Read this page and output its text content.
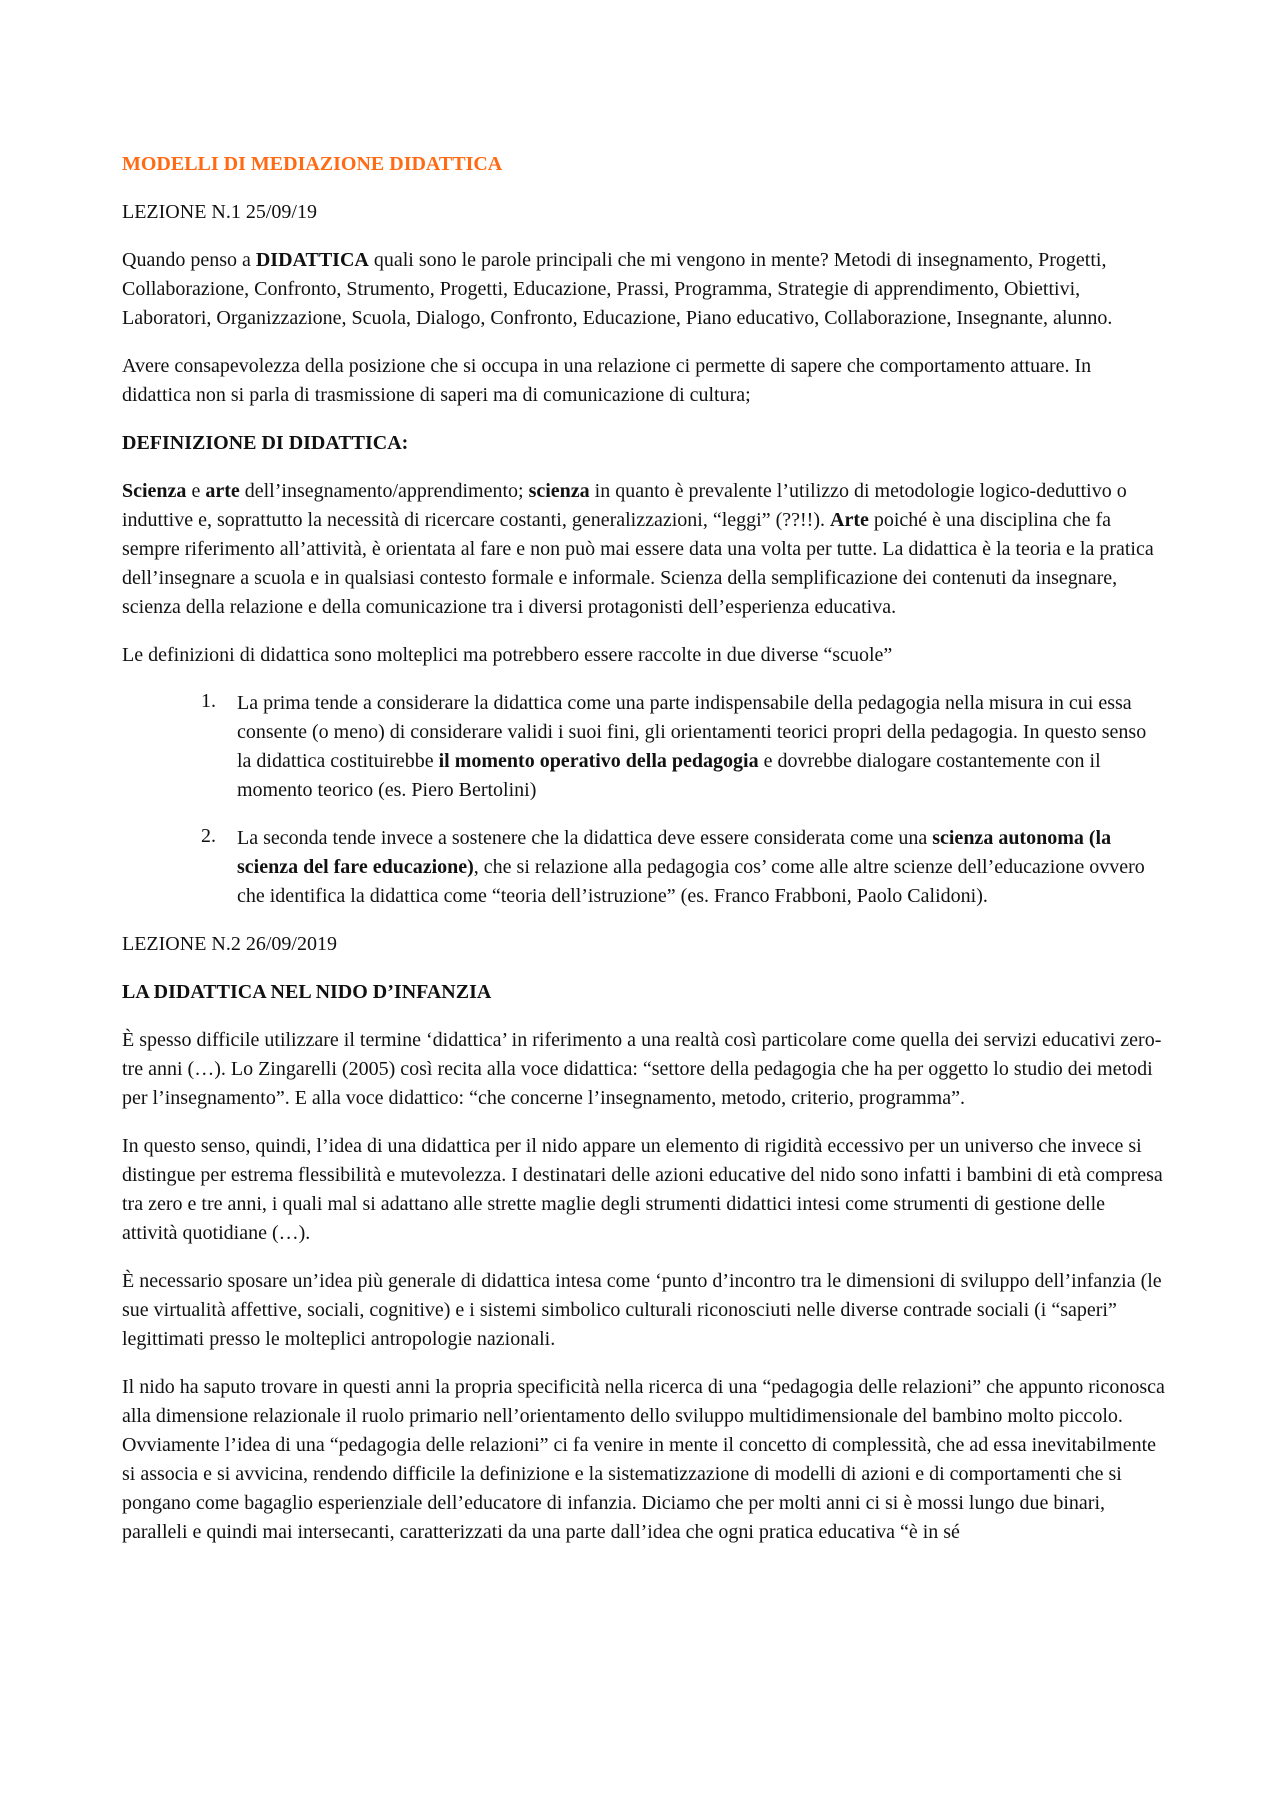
MODELLI DI MEDIAZIONE DIDATTICA

LEZIONE N.1 25/09/19

Quando penso a DIDATTICA quali sono le parole principali che mi vengono in mente? Metodi di insegnamento, Progetti, Collaborazione, Confronto, Strumento, Progetti, Educazione, Prassi, Programma, Strategie di apprendimento, Obiettivi, Laboratori, Organizzazione, Scuola, Dialogo, Confronto, Educazione, Piano educativo, Collaborazione, Insegnante, alunno.

Avere consapevolezza della posizione che si occupa in una relazione ci permette di sapere che comportamento attuare. In didattica non si parla di trasmissione di saperi ma di comunicazione di cultura;

DEFINIZIONE DI DIDATTICA:

Scienza e arte dell’insegnamento/apprendimento; scienza in quanto è prevalente l’utilizzo di metodologie logico-deduttivo o induttive e, soprattutto la necessità di ricercare costanti, generalizzazioni, “leggi” (??!!). Arte poiché è una disciplina che fa sempre riferimento all’attività, è orientata al fare e non può mai essere data una volta per tutte. La didattica è la teoria e la pratica dell’insegnare a scuola e in qualsiasi contesto formale e informale. Scienza della semplificazione dei contenuti da insegnare, scienza della relazione e della comunicazione tra i diversi protagonisti dell’esperienza educativa.

Le definizioni di didattica sono molteplici ma potrebbero essere raccolte in due diverse “scuole”

1. La prima tende a considerare la didattica come una parte indispensabile della pedagogia nella misura in cui essa consente (o meno) di considerare validi i suoi fini, gli orientamenti teorici propri della pedagogia. In questo senso la didattica costituirebbe il momento operativo della pedagogia e dovrebbe dialogare costantemente con il momento teorico (es. Piero Bertolini)
2. La seconda tende invece a sostenere che la didattica deve essere considerata come una scienza autonoma (la scienza del fare educazione), che si relazione alla pedagogia cos’ come alle altre scienze dell’educazione ovvero che identifica la didattica come “teoria dell’istruzione” (es. Franco Frabboni, Paolo Calidoni).

LEZIONE N.2 26/09/2019

LA DIDATTICA NEL NIDO D’INFANZIA

È spesso difficile utilizzare il termine ‘didattica’ in riferimento a una realtà così particolare come quella dei servizi educativi zero-tre anni (…). Lo Zingarelli (2005) così recita alla voce didattica: “settore della pedagogia che ha per oggetto lo studio dei metodi per l’insegnamento”. E alla voce didattico: “che concerne l’insegnamento, metodo, criterio, programma”.

In questo senso, quindi, l’idea di una didattica per il nido appare un elemento di rigidità eccessivo per un universo che invece si distingue per estrema flessibilità e mutevolezza. I destinatari delle azioni educative del nido sono infatti i bambini di età compresa tra zero e tre anni, i quali mal si adattano alle strette maglie degli strumenti didattici intesi come strumenti di gestione delle attività quotidiane (…).

È necessario sposare un’idea più generale di didattica intesa come ‘punto d’incontro tra le dimensioni di sviluppo dell’infanzia (le sue virtualità affettive, sociali, cognitive) e i sistemi simbolico culturali riconosciuti nelle diverse contrade sociali (i “saperi” legittimati presso le molteplici antropologie nazionali.

Il nido ha saputo trovare in questi anni la propria specificità nella ricerca di una “pedagogia delle relazioni” che appunto riconosca alla dimensione relazionale il ruolo primario nell’orientamento dello sviluppo multidimensionale del bambino molto piccolo. Ovviamente l’idea di una “pedagogia delle relazioni” ci fa venire in mente il concetto di complessità, che ad essa inevitabilmente si associa e si avvicina, rendendo difficile la definizione e la sistematizzazione di modelli di azioni e di comportamenti che si pongano come bagaglio esperienziale dell’educatore di infanzia. Diciamo che per molti anni ci si è mossi lungo due binari, paralleli e quindi mai intersecanti, caratterizzati da una parte dall’idea che ogni pratica educativa “è in sé
